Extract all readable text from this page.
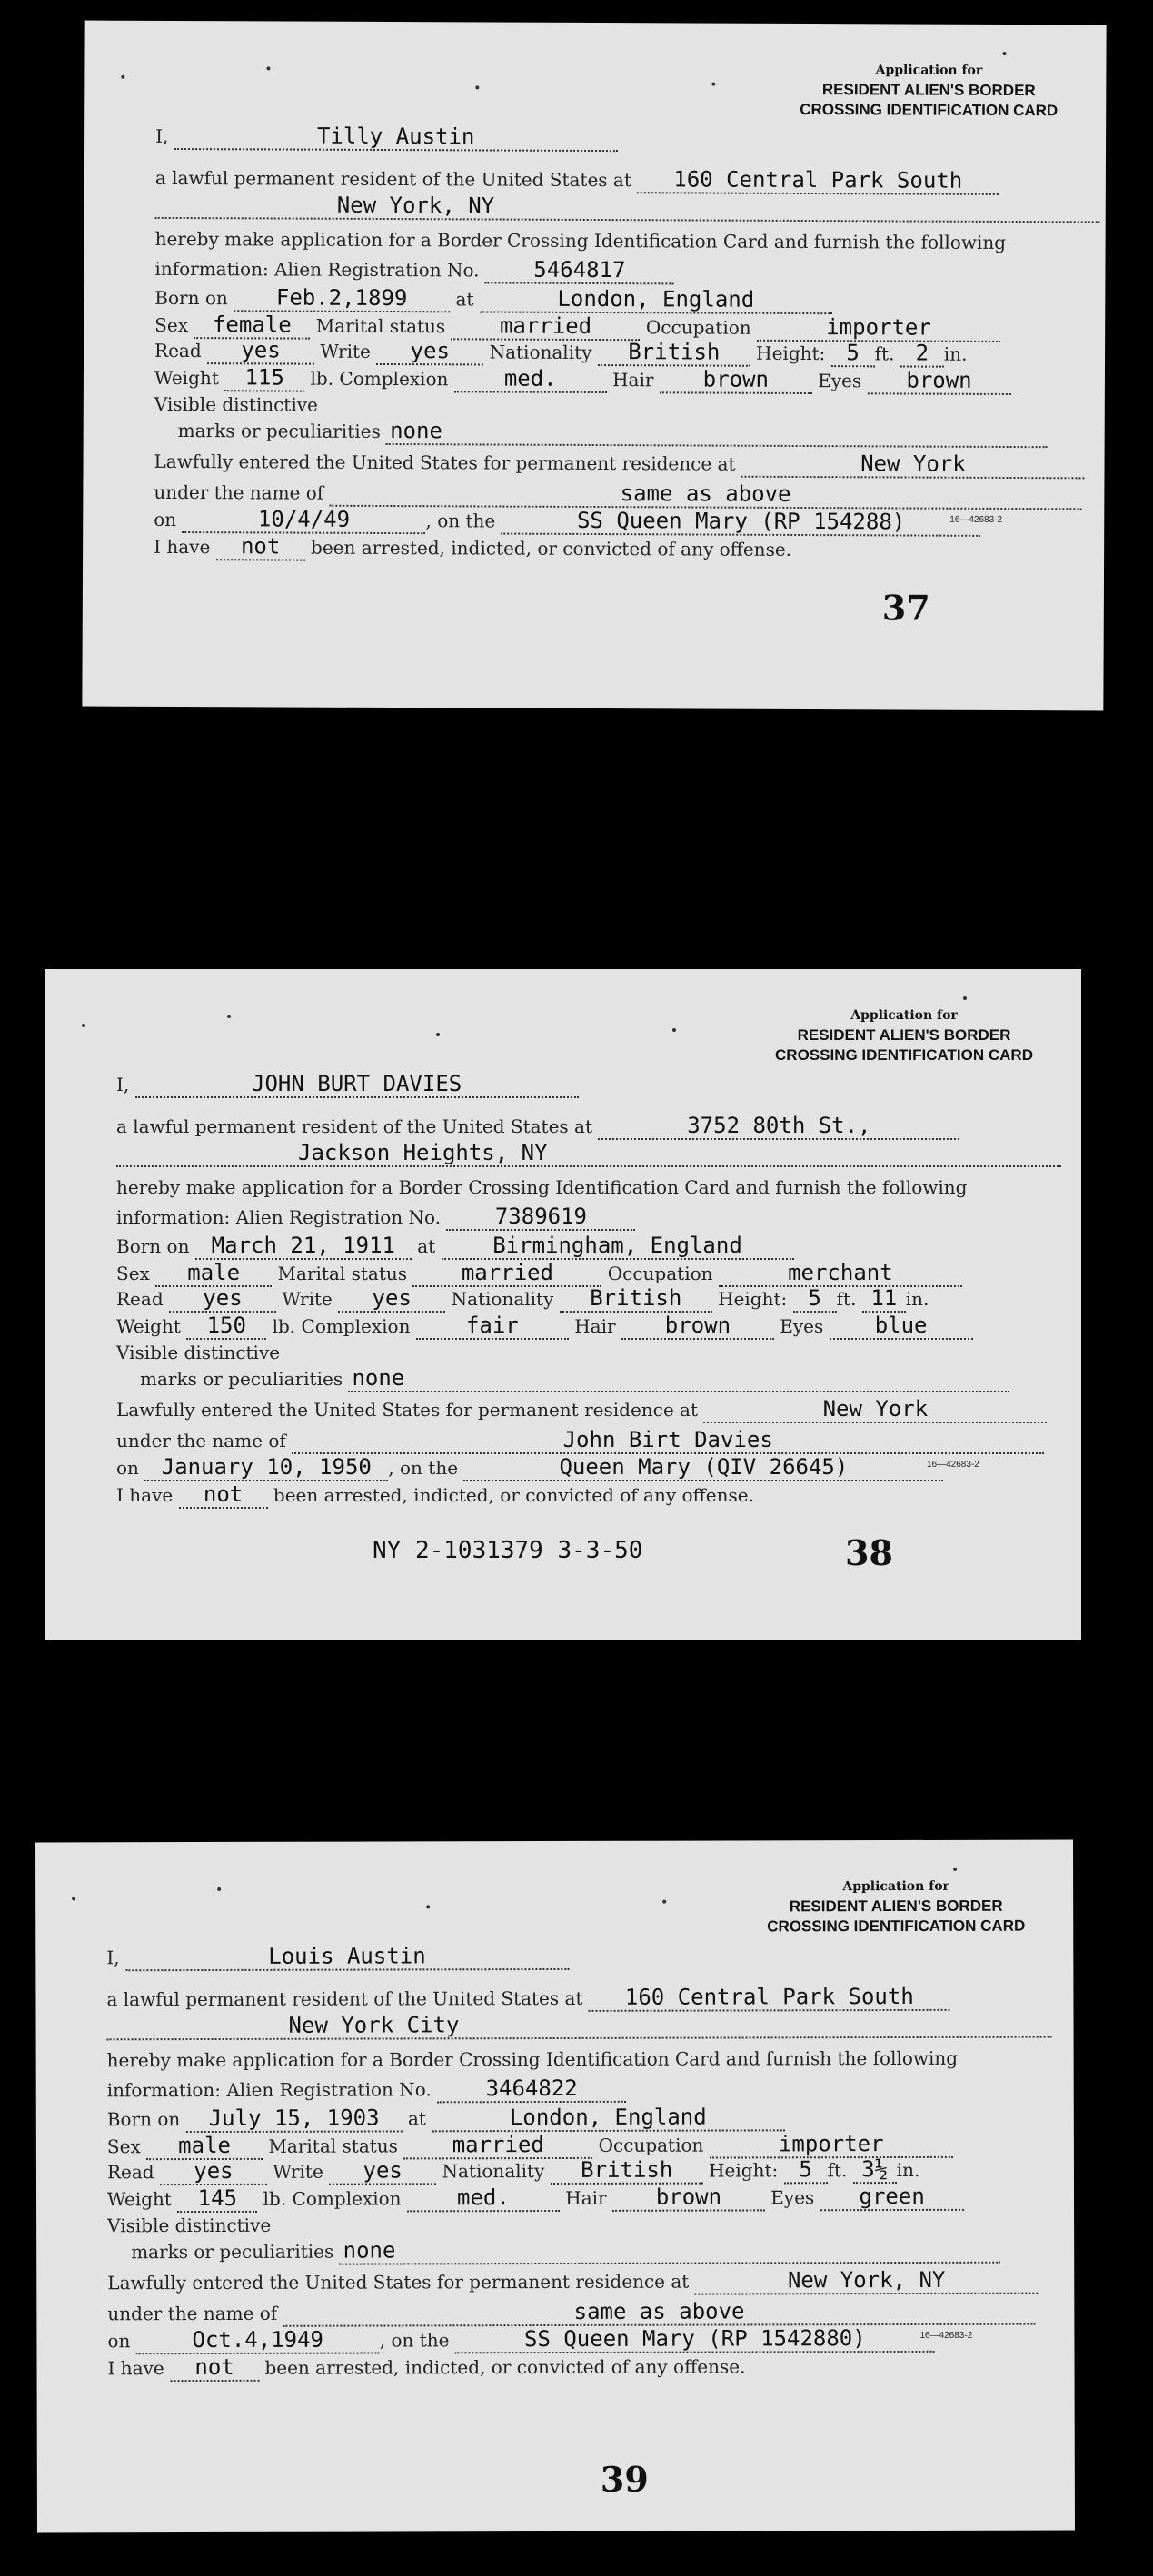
Application for
RESIDENT ALIEN'S BORDER
CROSSING IDENTIFICATION CARD
I,	Tilly Austin
a lawful permanent resident of the United States at 160 Central Park South
New York, NY
hereby make application for a Border Crossing Identification Card and furnish the following
information: Alien Registration No. 5464817
Born on Feb.2,1899	at	London, England
Sex female Marital status married	Occupation	importer
Read yes Write yes Nationality British Height: 5 ft. 2 in.
Weight 115 lb. Complexion	med.	Hair brown	Eyes brown
Visible distinctive
marks or peculiarities none
Lawfully entered the United States for permanent residence at	New York
under the name of	same as above
on	10/4/49	, on the	SS Queen Mary (RP 154288)
I have not been arrested, indicted, or convicted of any offense.
16—42683-2
37
Application for
RESIDENT ALIEN'S BORDER
CROSSING IDENTIFICATION CARD
I,	JOHN BURT DAVIES
a lawful permanent resident of the United States at	3752 80th St.,
Jackson Heights, NY
hereby make application for a Border Crossing Identification Card and furnish the following
information: Alien Registration No. 7389619
Born on March 21, 1911 at	Birmingham, England
Sex male Marital status married	Occupation	merchant
Read yes Write yes Nationality British Height: 5 ft. 11 in.
Weight 150 lb. Complexion	fair	Hair brown	Eyes blue
Visible distinctive
marks or peculiarities none
Lawfully entered the United States for permanent residence at	New York
under the name of	John Birt Davies
on January 10, 1950 , on the	Queen Mary (QIV 26645)
I have not been arrested, indicted, or convicted of any offense.
16—42683-2
NY 2-1031379 3-3-50	38
Application for
RESIDENT ALIEN'S BORDER
CROSSING IDENTIFICATION CARD
I,	Louis Austin
a lawful permanent resident of the United States at 160 Central Park South
New York City
hereby make application for a Border Crossing Identification Card and furnish the following
information: Alien Registration No. 3464822
Born on July 15, 1903 at	London, England
Sex male Marital status married	Occupation	importer
Read yes Write yes Nationality British Height: 5 ft. 3½ in.
Weight 145 lb. Complexion	med.	Hair brown	Eyes green
Visible distinctive
marks or peculiarities none
Lawfully entered the United States for permanent residence at	New York, NY
under the name of	same as above
on	Oct.4,1949	, on the	SS Queen Mary (RP 1542880)
I have not been arrested, indicted, or convicted of any offense.
16—42683-2
39
